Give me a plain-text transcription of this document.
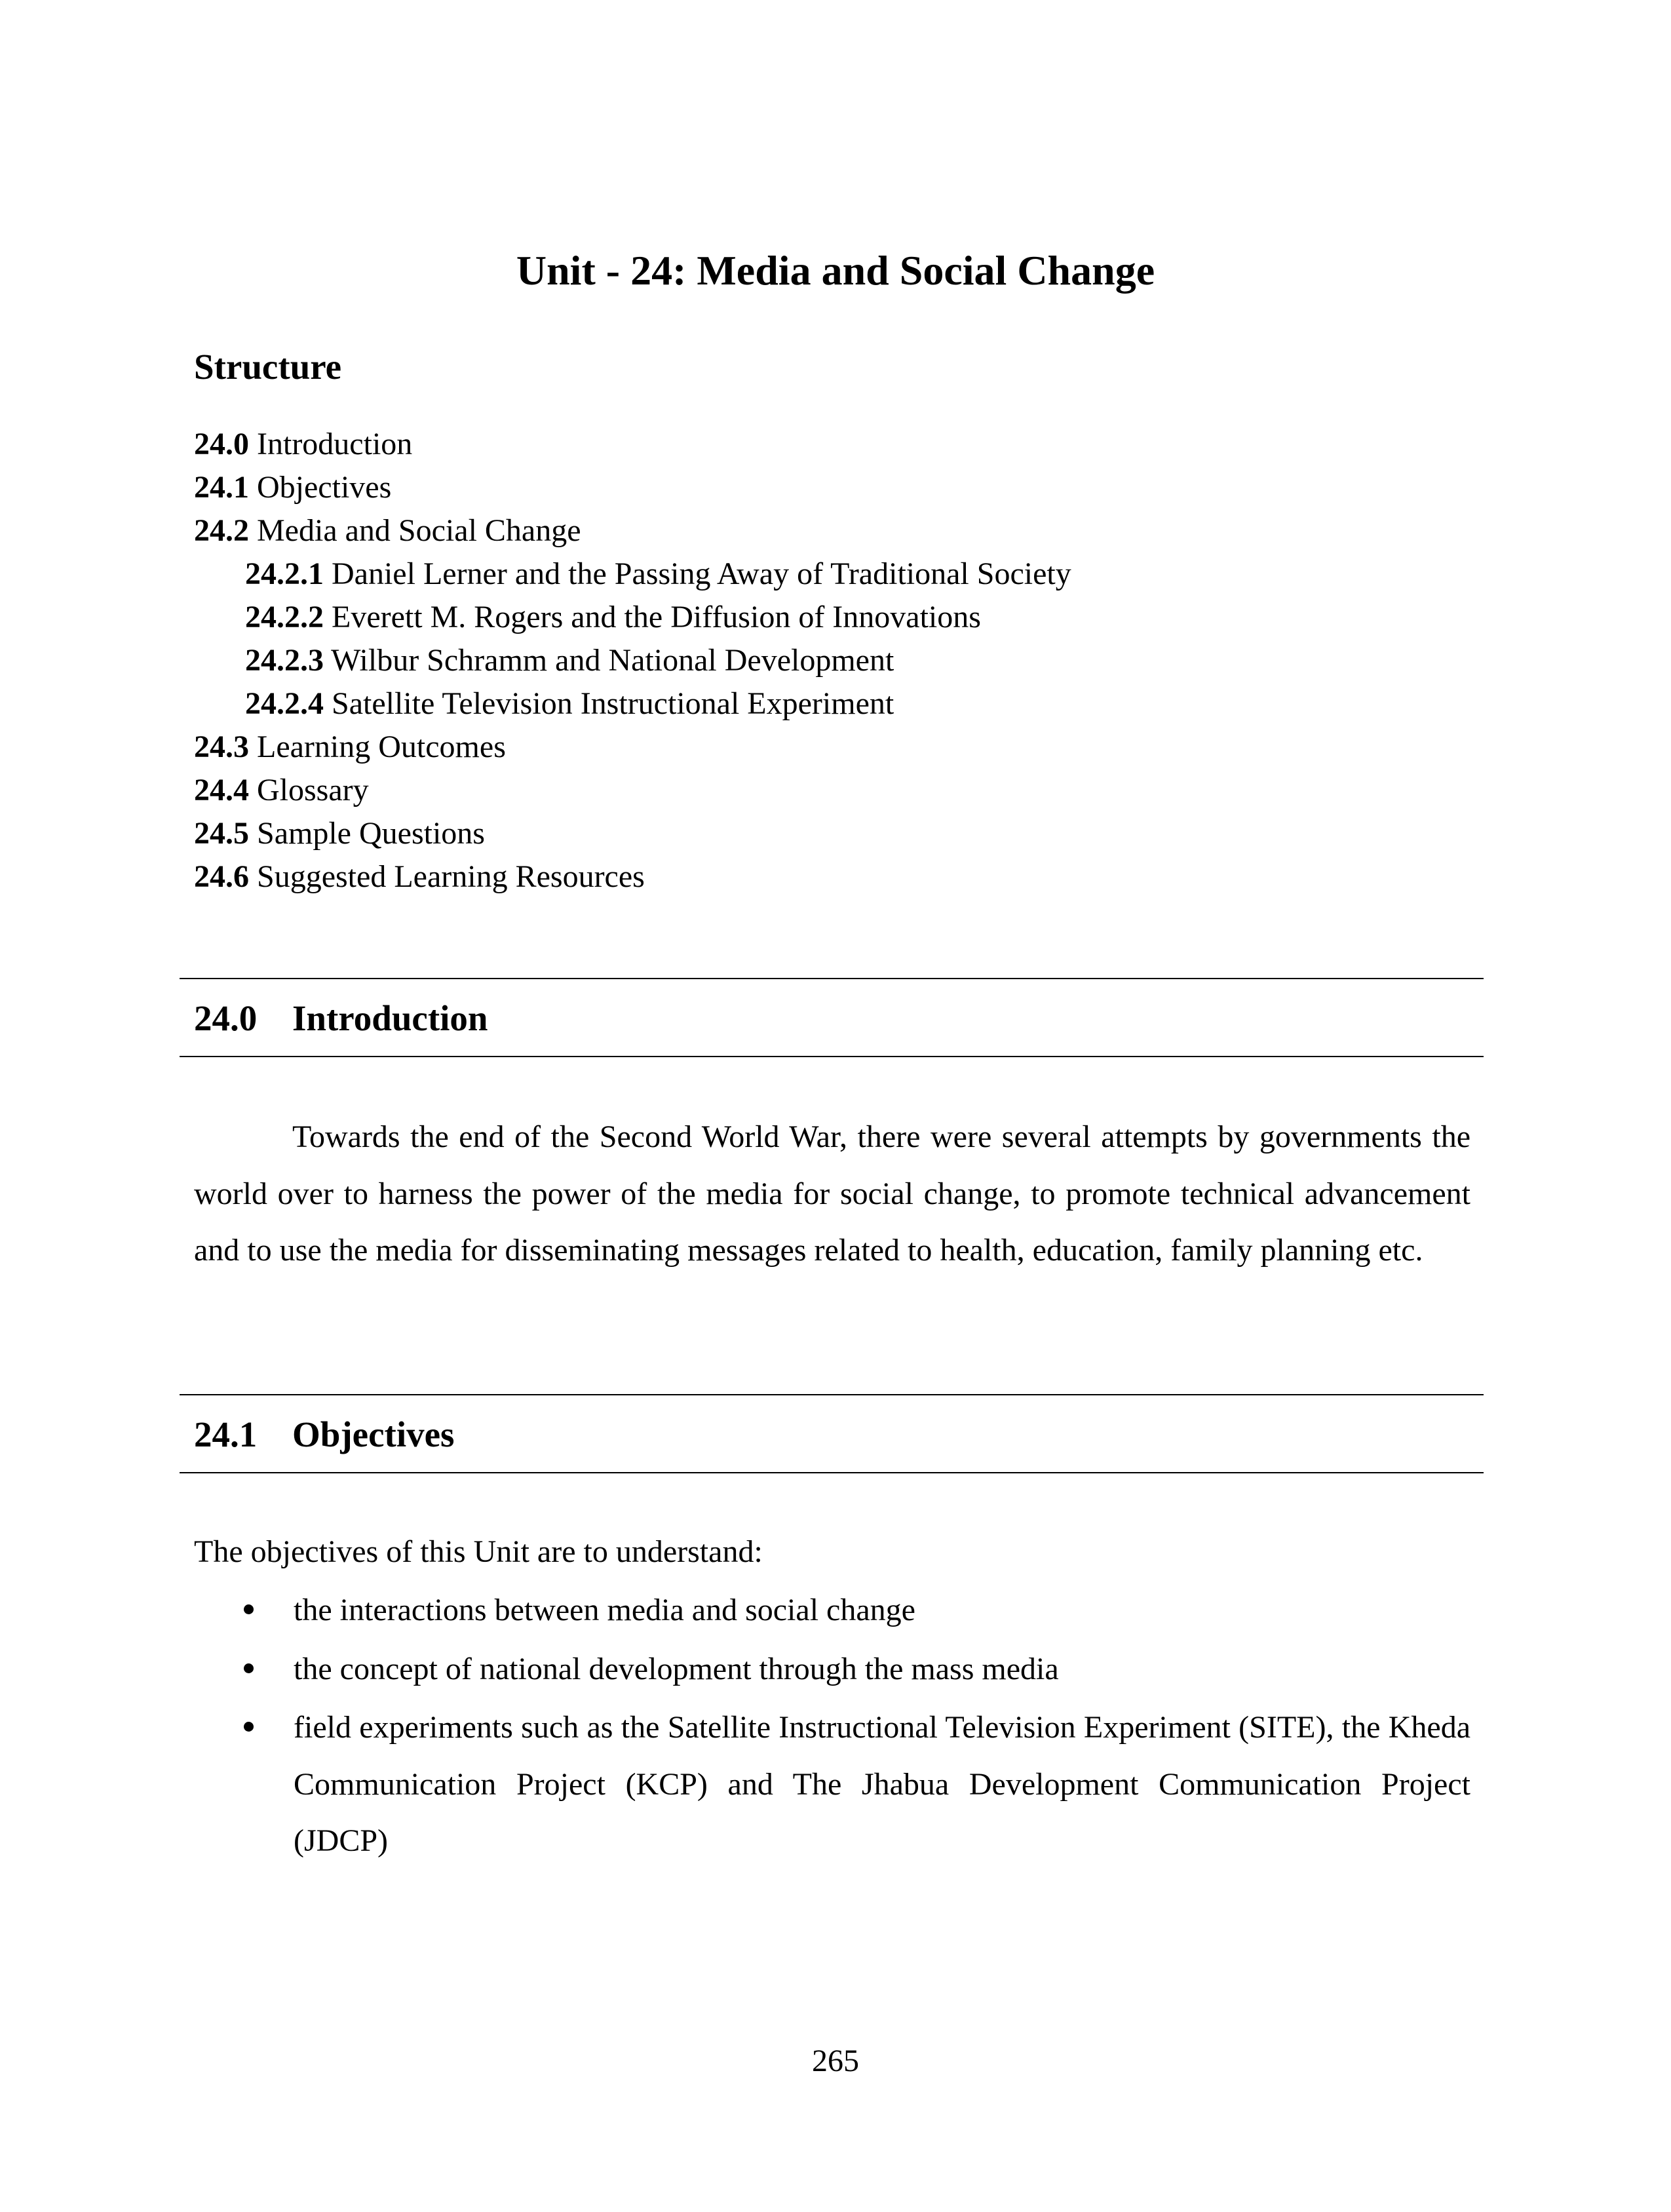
Unit - 24: Media and Social Change
Structure
24.0 Introduction
24.1 Objectives
24.2 Media and Social Change
24.2.1 Daniel Lerner and the Passing Away of Traditional Society
24.2.2 Everett M. Rogers and the Diffusion of Innovations
24.2.3 Wilbur Schramm and National Development
24.2.4 Satellite Television Instructional Experiment
24.3 Learning Outcomes
24.4 Glossary
24.5 Sample Questions
24.6 Suggested Learning Resources
24.0 Introduction

Towards the end of the Second World War, there were several attempts by governments the world over to harness the power of the media for social change, to promote technical advancement and to use the media for disseminating messages related to health, education, family planning etc.

24.1 Objectives

The objectives of this Unit are to understand:

the interactions between media and social change
the concept of national development through the mass media
field experiments such as the Satellite Instructional Television Experiment (SITE), the Kheda Communication Project (KCP) and The Jhabua Development Communication Project (JDCP)

265
